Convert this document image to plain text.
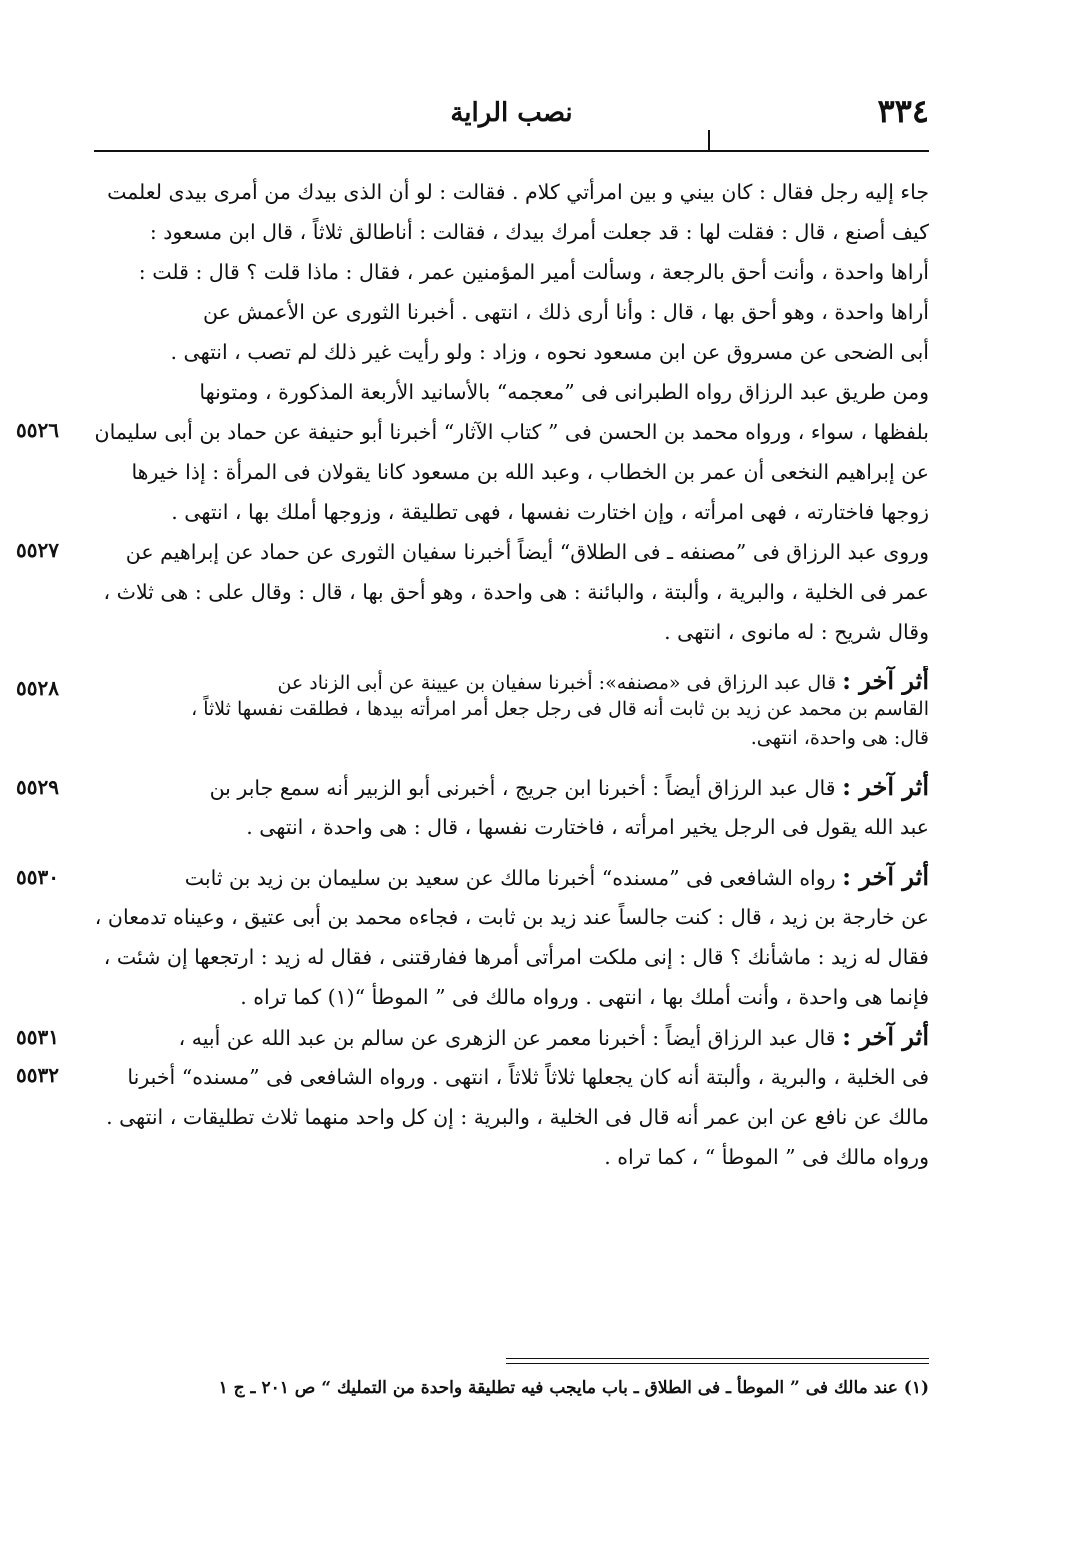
٣٣٤
نصب الراية
جاء إليه رجل فقال : كان بيني و بين امرأتي كلام . فقالت : لو أن الذى بيدك من أمرى بيدى لعلمت
كيف أصنع ، قال : فقلت لها : قد جعلت أمرك بيدك ، فقالت : أناطالق ثلاثاً ، قال ابن مسعود :
أراها واحدة ، وأنت أحق بالرجعة ، وسألت أمير المؤمنين عمر ، فقال : ماذا قلت ؟ قال : قلت :
أراها واحدة ، وهو أحق بها ، قال : وأنا أرى ذلك ، انتهى . أخبرنا الثورى عن الأعمش عن
أبى الضحى عن مسروق عن ابن مسعود نحوه ، وزاد : ولو رأيت غير ذلك لم تصب ، انتهى .
ومن طريق عبد الرزاق رواه الطبرانى فى ”معجمه“ بالأسانيد الأربعة المذكورة ، ومتونها
٥٥٢٦ بلفظها ، سواء ، ورواه محمد بن الحسن فى ” كتاب الآثار“ أخبرنا أبو حنيفة عن حماد بن أبى سليمان
عن إبراهيم النخعى أن عمر بن الخطاب ، وعبد الله بن مسعود كانا يقولان فى المرأة : إذا خيرها
زوجها فاختارته ، فهى امرأته ، وإن اختارت نفسها ، فهى تطليقة ، وزوجها أملك بها ، انتهى .
٥٥٢٧	وروى عبد الرزاق فى ”مصنفه ـ فى الطلاق“ أيضاً أخبرنا سفيان الثورى عن حماد عن إبراهيم عن
عمر فى الخلية ، والبرية ، وألبتة ، والبائنة : هى واحدة ، وهو أحق بها ، قال : وقال على : هى ثلاث ،
وقال شريح : له مانوى ، انتهى .
٥٥٢٨	أثر آخر : قال عبد الرزاق فى «مصنفه»: أخبرنا سفيان بن عيينة عن أبى الزناد عن
القاسم بن محمد عن زيد بن ثابت أنه قال فى رجل جعل أمر امرأته بيدها ، فطلقت نفسها ثلاثاً ،
قال: هى واحدة، انتهى.
٥٥٢٩	أثر آخر : قال عبد الرزاق أيضاً : أخبرنا ابن جريج ، أخبرنى أبو الزبير أنه سمع جابر بن
عبد الله يقول فى الرجل يخير امرأته ، فاختارت نفسها ، قال : هى واحدة ، انتهى .
٥٥٣٠	أثر آخر : رواه الشافعى فى ”مسنده“ أخبرنا مالك عن سعيد بن سليمان بن زيد بن ثابت
عن خارجة بن زيد ، قال : كنت جالساً عند زيد بن ثابت ، فجاءه محمد بن أبى عتيق ، وعيناه تدمعان ،
فقال له زيد : ماشأنك ؟ قال : إنى ملكت امرأتى أمرها ففارقتنى ، فقال له زيد : ارتجعها إن شئت ،
فإنما هى واحدة ، وأنت أملك بها ، انتهى . ورواه مالك فى ” الموطأ “(١) كما تراه .
٥٥٣١	أثر آخر : قال عبد الرزاق أيضاً : أخبرنا معمر عن الزهرى عن سالم بن عبد الله عن أبيه ،
٥٥٣٢	فى الخلية ، والبرية ، وألبتة أنه كان يجعلها ثلاثاً ثلاثاً ، انتهى . ورواه الشافعى فى ”مسنده“ أخبرنا
مالك عن نافع عن ابن عمر أنه قال فى الخلية ، والبرية : إن كل واحد منهما ثلاث تطليقات ، انتهى .
ورواه مالك فى ” الموطأ “ ، كما تراه .
(١) عند مالك فى ” الموطأ ـ فى الطلاق ـ باب مايجب فيه تطليقة واحدة من التمليك “ ص ٢٠١ ـ ج ١
